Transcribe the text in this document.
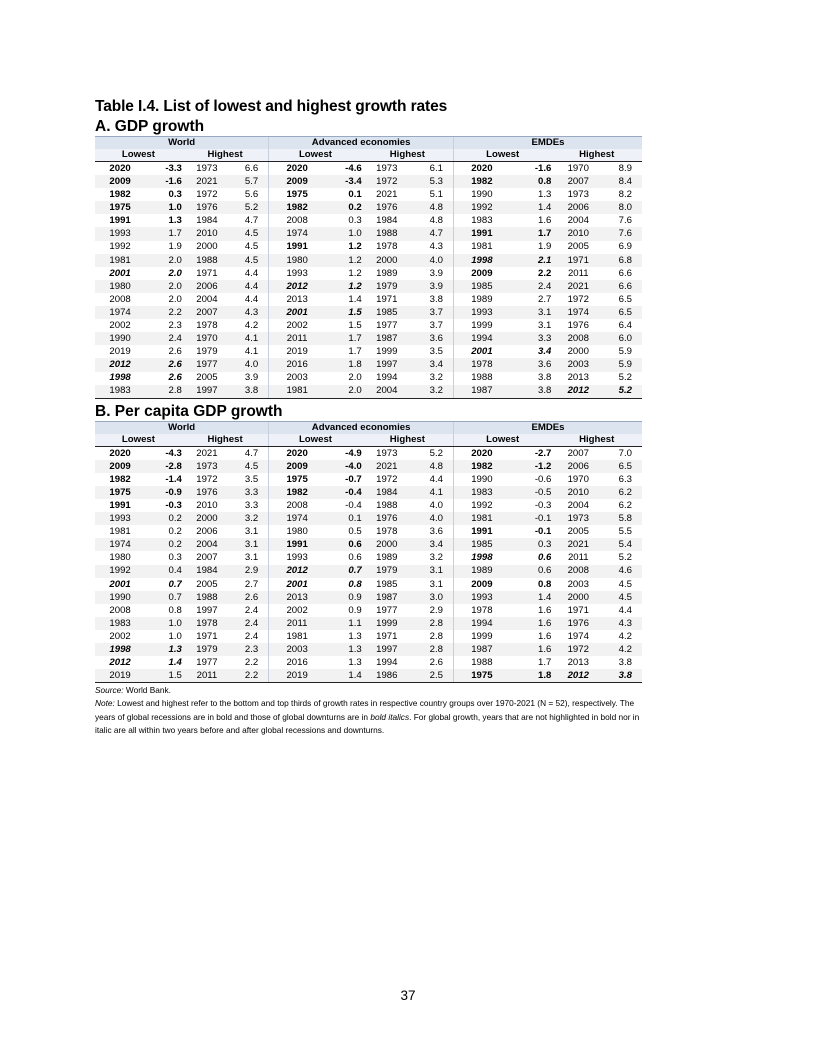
Table I.4. List of lowest and highest growth rates
A. GDP growth
World				Advanced economies				EMDEs			
Lowest		Highest		Lowest		Highest		Lowest		Highest	
2020	-3.3	1973	6.6	2020	-4.6	1973	6.1	2020	-1.6	1970	8.9
2009	-1.6	2021	5.7	2009	-3.4	1972	5.3	1982	0.8	2007	8.4
1982	0.3	1972	5.6	1975	0.1	2021	5.1	1990	1.3	1973	8.2
1975	1.0	1976	5.2	1982	0.2	1976	4.8	1992	1.4	2006	8.0
1991	1.3	1984	4.7	2008	0.3	1984	4.8	1983	1.6	2004	7.6
1993	1.7	2010	4.5	1974	1.0	1988	4.7	1991	1.7	2010	7.6
1992	1.9	2000	4.5	1991	1.2	1978	4.3	1981	1.9	2005	6.9
1981	2.0	1988	4.5	1980	1.2	2000	4.0	1998	2.1	1971	6.8
2001	2.0	1971	4.4	1993	1.2	1989	3.9	2009	2.2	2011	6.6
1980	2.0	2006	4.4	2012	1.2	1979	3.9	1985	2.4	2021	6.6
2008	2.0	2004	4.4	2013	1.4	1971	3.8	1989	2.7	1972	6.5
1974	2.2	2007	4.3	2001	1.5	1985	3.7	1993	3.1	1974	6.5
2002	2.3	1978	4.2	2002	1.5	1977	3.7	1999	3.1	1976	6.4
1990	2.4	1970	4.1	2011	1.7	1987	3.6	1994	3.3	2008	6.0
2019	2.6	1979	4.1	2019	1.7	1999	3.5	2001	3.4	2000	5.9
2012	2.6	1977	4.0	2016	1.8	1997	3.4	1978	3.6	2003	5.9
1998	2.6	2005	3.9	2003	2.0	1994	3.2	1988	3.8	2013	5.2
1983	2.8	1997	3.8	1981	2.0	2004	3.2	1987	3.8	2012	5.2
B. Per capita GDP growth
World				Advanced economies				EMDEs			
Lowest		Highest		Lowest		Highest		Lowest		Highest	
2020	-4.3	2021	4.7	2020	-4.9	1973	5.2	2020	-2.7	2007	7.0
2009	-2.8	1973	4.5	2009	-4.0	2021	4.8	1982	-1.2	2006	6.5
1982	-1.4	1972	3.5	1975	-0.7	1972	4.4	1990	-0.6	1970	6.3
1975	-0.9	1976	3.3	1982	-0.4	1984	4.1	1983	-0.5	2010	6.2
1991	-0.3	2010	3.3	2008	-0.4	1988	4.0	1992	-0.3	2004	6.2
1993	0.2	2000	3.2	1974	0.1	1976	4.0	1981	-0.1	1973	5.8
1981	0.2	2006	3.1	1980	0.5	1978	3.6	1991	-0.1	2005	5.5
1974	0.2	2004	3.1	1991	0.6	2000	3.4	1985	0.3	2021	5.4
1980	0.3	2007	3.1	1993	0.6	1989	3.2	1998	0.6	2011	5.2
1992	0.4	1984	2.9	2012	0.7	1979	3.1	1989	0.6	2008	4.6
2001	0.7	2005	2.7	2001	0.8	1985	3.1	2009	0.8	2003	4.5
1990	0.7	1988	2.6	2013	0.9	1987	3.0	1993	1.4	2000	4.5
2008	0.8	1997	2.4	2002	0.9	1977	2.9	1978	1.6	1971	4.4
1983	1.0	1978	2.4	2011	1.1	1999	2.8	1994	1.6	1976	4.3
2002	1.0	1971	2.4	1981	1.3	1971	2.8	1999	1.6	1974	4.2
1998	1.3	1979	2.3	2003	1.3	1997	2.8	1987	1.6	1972	4.2
2012	1.4	1977	2.2	2016	1.3	1994	2.6	1988	1.7	2013	3.8
2019	1.5	2011	2.2	2019	1.4	1986	2.5	1975	1.8	2012	3.8
Source: World Bank.
Note: Lowest and highest refer to the bottom and top thirds of growth rates in respective country groups over 1970-2021 (N = 52), respectively. The years of global recessions are in bold and those of global downturns are in bold italics. For global growth, years that are not highlighted in bold nor in italic are all within two years before and after global recessions and downturns.
37
